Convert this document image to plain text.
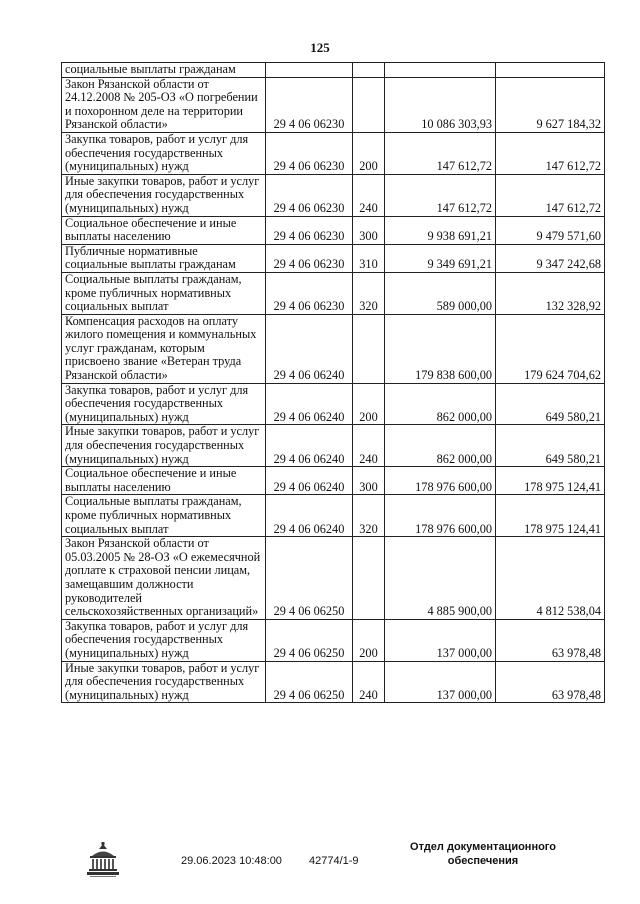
125
социальные выплаты гражданам				
Закон Рязанской области от 24.12.2008 № 205-ОЗ «О погребении и похоронном деле на территории Рязанской области»	29 4 06 06230		10 086 303,93	9 627 184,32
Закупка товаров, работ и услуг для обеспечения государственных (муниципальных) нужд	29 4 06 06230	200	147 612,72	147 612,72
Иные закупки товаров, работ и услуг для обеспечения государственных (муниципальных) нужд	29 4 06 06230	240	147 612,72	147 612,72
Социальное обеспечение и иные выплаты населению	29 4 06 06230	300	9 938 691,21	9 479 571,60
Публичные нормативные социальные выплаты гражданам	29 4 06 06230	310	9 349 691,21	9 347 242,68
Социальные выплаты гражданам, кроме публичных нормативных социальных выплат	29 4 06 06230	320	589 000,00	132 328,92
Компенсация расходов на оплату жилого помещения и коммунальных услуг гражданам, которым присвоено звание «Ветеран труда Рязанской области»	29 4 06 06240		179 838 600,00	179 624 704,62
Закупка товаров, работ и услуг для обеспечения государственных (муниципальных) нужд	29 4 06 06240	200	862 000,00	649 580,21
Иные закупки товаров, работ и услуг для обеспечения государственных (муниципальных) нужд	29 4 06 06240	240	862 000,00	649 580,21
Социальное обеспечение и иные выплаты населению	29 4 06 06240	300	178 976 600,00	178 975 124,41
Социальные выплаты гражданам, кроме публичных нормативных социальных выплат	29 4 06 06240	320	178 976 600,00	178 975 124,41
Закон Рязанской области от 05.03.2005 № 28-ОЗ «О ежемесячной доплате к страховой пенсии лицам, замещавшим должности руководителей сельскохозяйственных организаций»	29 4 06 06250		4 885 900,00	4 812 538,04
Закупка товаров, работ и услуг для обеспечения государственных (муниципальных) нужд	29 4 06 06250	200	137 000,00	63 978,48
Иные закупки товаров, работ и услуг для обеспечения государственных (муниципальных) нужд	29 4 06 06250	240	137 000,00	63 978,48
29.06.2023 10:48:00 42774/1-9
Отдел документационного
обеспечения
